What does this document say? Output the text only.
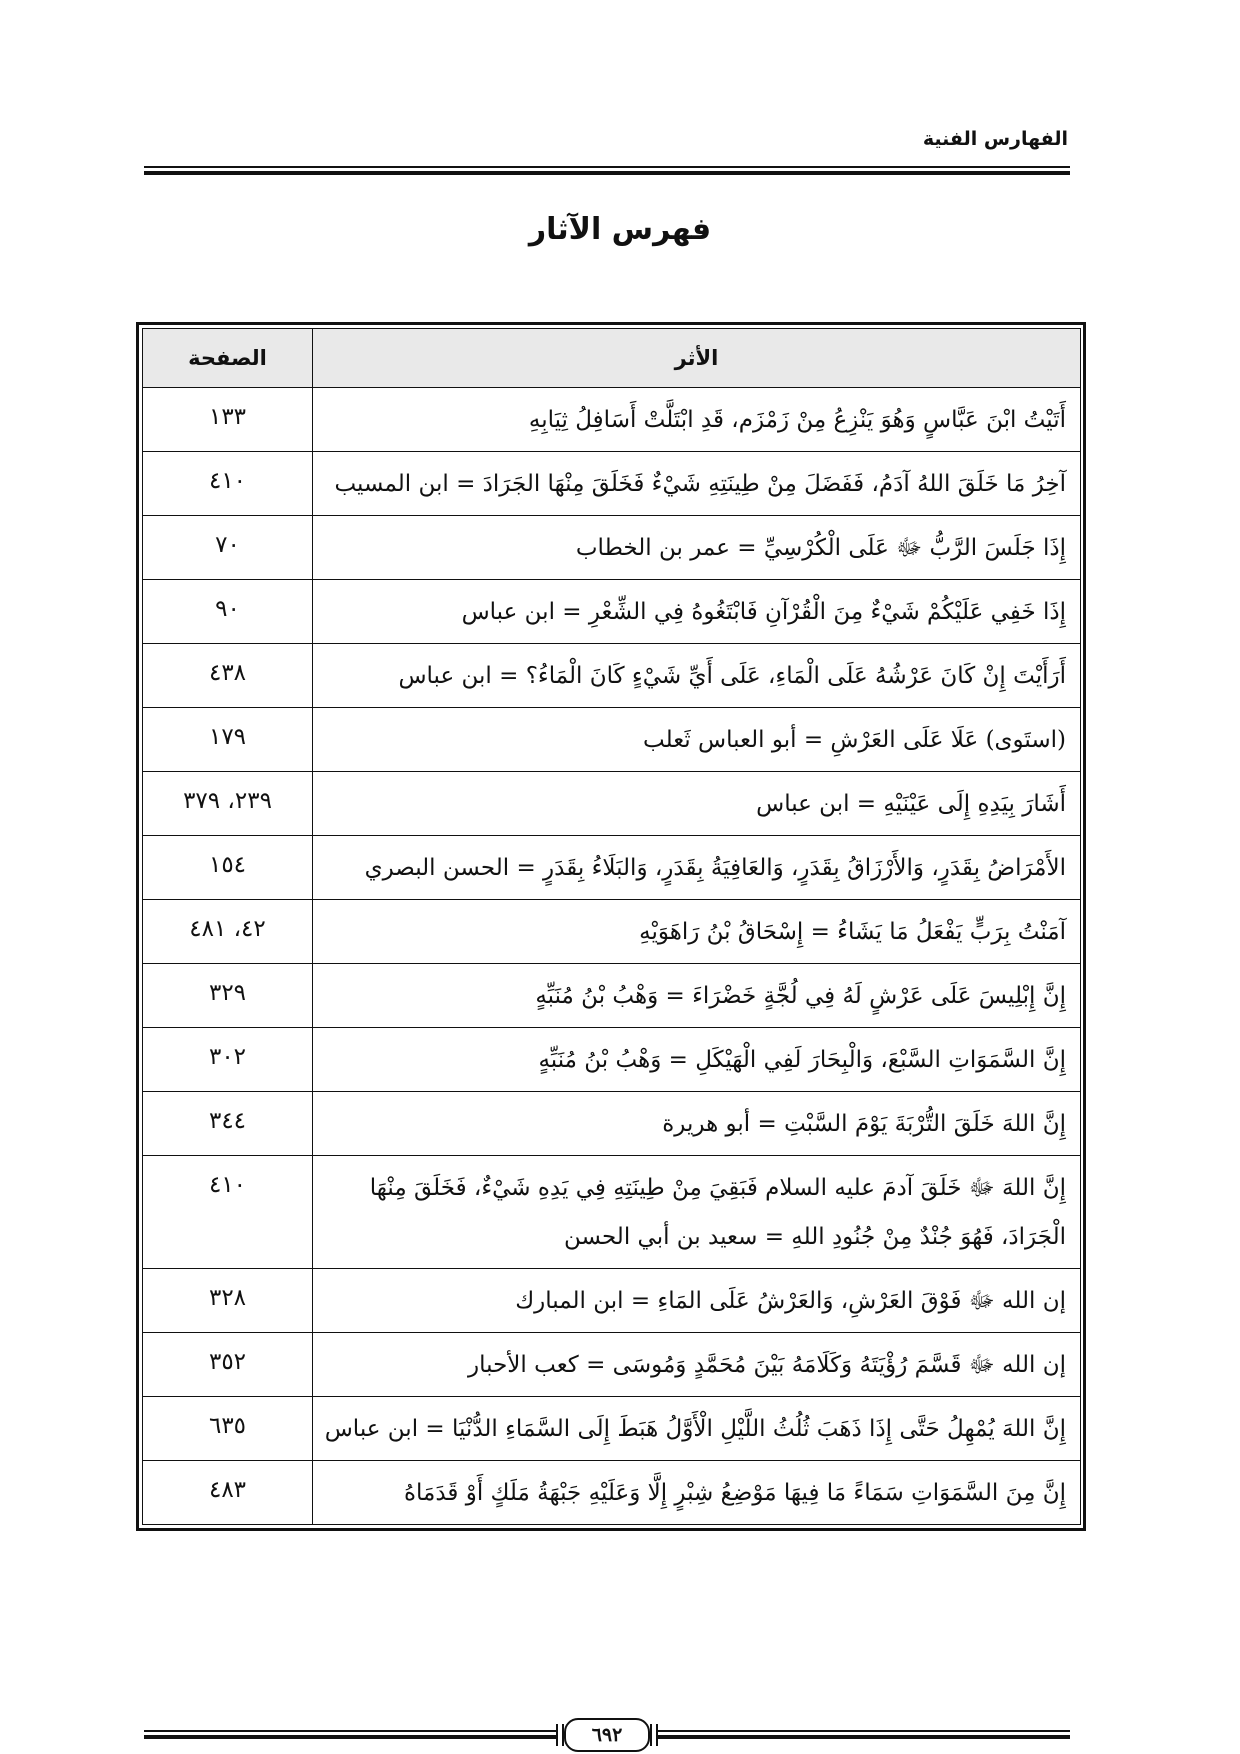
الفهارس الفنية
فهرس الآثار
الأثر	الصفحة
أَتَيْتُ ابْنَ عَبَّاسٍ وَهُوَ يَنْزِعُ مِنْ زَمْزَم، قَدِ ابْتَلَّتْ أَسَافِلُ ثِيَابِهِ	١٣٣
آخِرُ مَا خَلَقَ اللهُ آدَمُ، فَفَضَلَ مِنْ طِينَتِهِ شَيْءٌ فَخَلَقَ مِنْهَا الجَرَادَ = ابن المسيب	٤١٠
إِذَا جَلَسَ الرَّبُّ ﷻ عَلَى الْكُرْسِيِّ = عمر بن الخطاب	٧٠
إِذَا خَفِي عَلَيْكُمْ شَيْءٌ مِنَ الْقُرْآنِ فَابْتَغُوهُ فِي الشِّعْرِ = ابن عباس	٩٠
أَرَأَيْتَ إِنْ كَانَ عَرْشُهُ عَلَى الْمَاءِ، عَلَى أَيِّ شَيْءٍ كَانَ الْمَاءُ؟ = ابن عباس	٤٣٨
(استَوى) عَلَا عَلَى العَرْشِ = أبو العباس ثَعلب	١٧٩
أَشَارَ بِيَدِهِ إِلَى عَيْنَيْهِ = ابن عباس	٢٣٩، ٣٧٩
الأَمْرَاضُ بِقَدَرٍ، وَالأَرْزَاقُ بِقَدَرٍ، وَالعَافِيَةُ بِقَدَرٍ، وَالبَلَاءُ بِقَدَرٍ = الحسن البصري	١٥٤
آمَنْتُ بِرَبٍّ يَفْعَلُ مَا يَشَاءُ = إِسْحَاقُ بْنُ رَاهَوَيْهِ	٤٢، ٤٨١
إِنَّ إِبْلِيسَ عَلَى عَرْشٍ لَهُ فِي لُجَّةٍ خَضْرَاءَ = وَهْبُ بْنُ مُنَبِّهٍ	٣٢٩
إِنَّ السَّمَوَاتِ السَّبْعَ، وَالْبِحَارَ لَفِي الْهَيْكَلِ = وَهْبُ بْنُ مُنَبِّهٍ	٣٠٢
إِنَّ اللهَ خَلَقَ التُّرْبَةَ يَوْمَ السَّبْتِ = أبو هريرة	٣٤٤
إِنَّ اللهَ ﷻ خَلَقَ آدمَ عليه السلام فَبَقِيَ مِنْ طِينَتِهِ فِي يَدِهِ شَيْءٌ، فَخَلَقَ مِنْهَا الْجَرَادَ، فَهُوَ جُنْدٌ مِنْ جُنُودِ اللهِ = سعيد بن أبي الحسن	٤١٠
إن الله ﷻ فَوْقَ العَرْشِ، وَالعَرْشُ عَلَى المَاءِ = ابن المبارك	٣٢٨
إن الله ﷻ قَسَّمَ رُؤْيَتَهُ وَكَلَامَهُ بَيْنَ مُحَمَّدٍ وَمُوسَى = كعب الأحبار	٣٥٢
إِنَّ اللهَ يُمْهِلُ حَتَّى إِذَا ذَهَبَ ثُلُثُ اللَّيْلِ الْأَوَّلُ هَبَطَ إِلَى السَّمَاءِ الدُّنْيَا = ابن عباس	٦٣٥
إِنَّ مِنَ السَّمَوَاتِ سَمَاءً مَا فِيهَا مَوْضِعُ شِبْرٍ إِلَّا وَعَلَيْهِ جَبْهَةُ مَلَكٍ أَوْ قَدَمَاهُ	٤٨٣
٦٩٢
